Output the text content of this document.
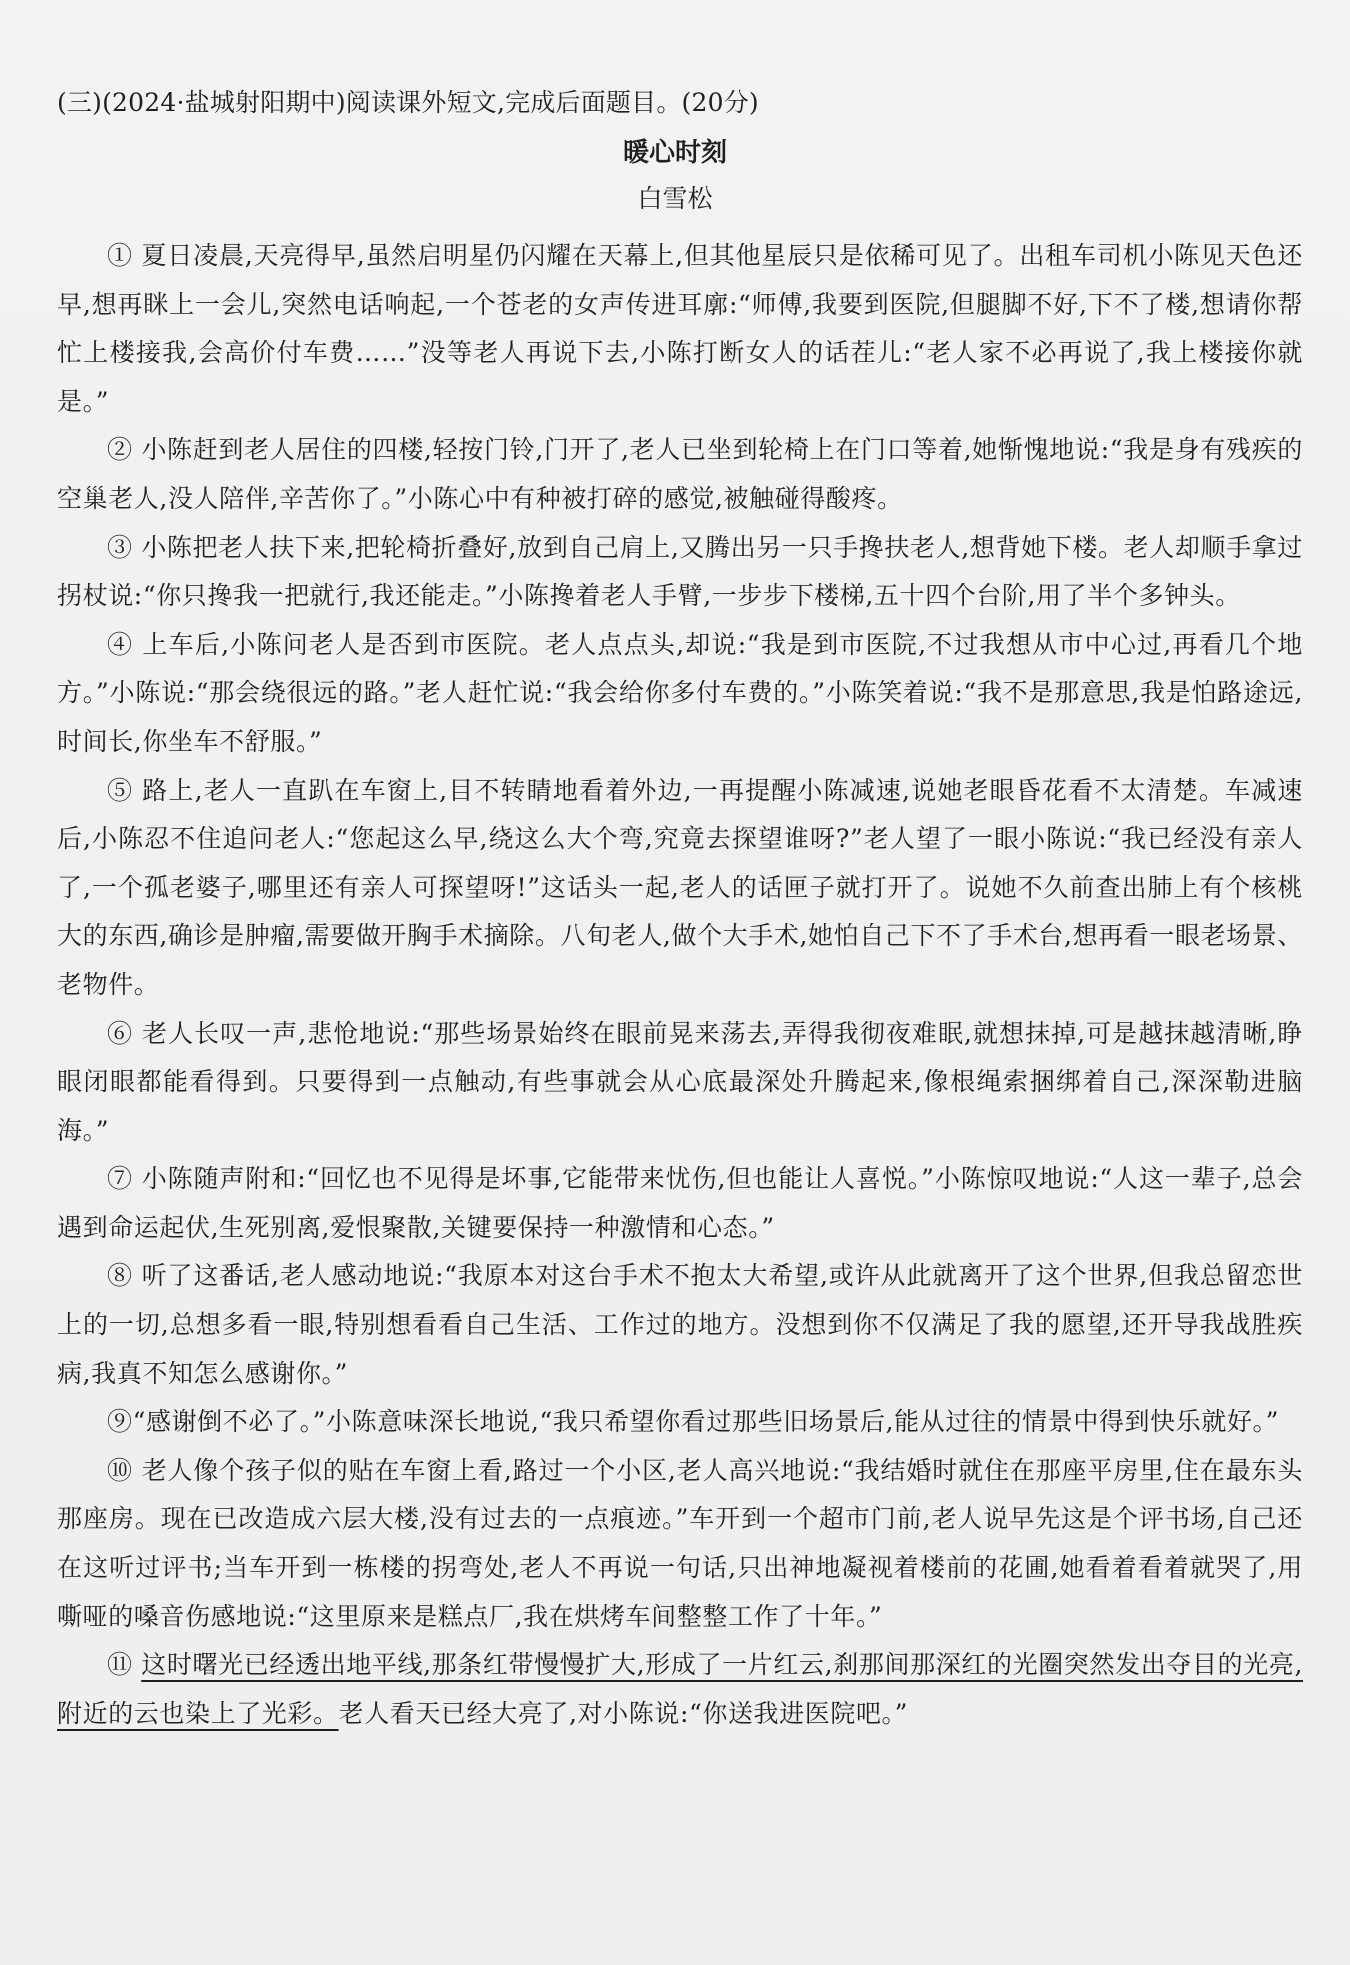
(三)(2024·盐城射阳期中)阅读课外短文,完成后面题目。(20分)
暖心时刻
白雪松

① 夏日凌晨,天亮得早,虽然启明星仍闪耀在天幕上,但其他星辰只是依稀可见了。出租车司机小陈见天色还早,想再眯上一会儿,突然电话响起,一个苍老的女声传进耳廓:“师傅,我要到医院,但腿脚不好,下不了楼,想请你帮忙上楼接我,会高价付车费……”没等老人再说下去,小陈打断女人的话茬儿:“老人家不必再说了,我上楼接你就是。”

② 小陈赶到老人居住的四楼,轻按门铃,门开了,老人已坐到轮椅上在门口等着,她惭愧地说:“我是身有残疾的空巢老人,没人陪伴,辛苦你了。”小陈心中有种被打碎的感觉,被触碰得酸疼。

③ 小陈把老人扶下来,把轮椅折叠好,放到自己肩上,又腾出另一只手搀扶老人,想背她下楼。老人却顺手拿过拐杖说:“你只搀我一把就行,我还能走。”小陈搀着老人手臂,一步步下楼梯,五十四个台阶,用了半个多钟头。

④ 上车后,小陈问老人是否到市医院。老人点点头,却说:“我是到市医院,不过我想从市中心过,再看几个地方。”小陈说:“那会绕很远的路。”老人赶忙说:“我会给你多付车费的。”小陈笑着说:“我不是那意思,我是怕路途远,时间长,你坐车不舒服。”

⑤ 路上,老人一直趴在车窗上,目不转睛地看着外边,一再提醒小陈减速,说她老眼昏花看不太清楚。车减速后,小陈忍不住追问老人:“您起这么早,绕这么大个弯,究竟去探望谁呀?”老人望了一眼小陈说:“我已经没有亲人了,一个孤老婆子,哪里还有亲人可探望呀!”这话头一起,老人的话匣子就打开了。说她不久前查出肺上有个核桃大的东西,确诊是肿瘤,需要做开胸手术摘除。八旬老人,做个大手术,她怕自己下不了手术台,想再看一眼老场景、老物件。

⑥ 老人长叹一声,悲怆地说:“那些场景始终在眼前晃来荡去,弄得我彻夜难眠,就想抹掉,可是越抹越清晰,睁眼闭眼都能看得到。只要得到一点触动,有些事就会从心底最深处升腾起来,像根绳索捆绑着自己,深深勒进脑海。”

⑦ 小陈随声附和:“回忆也不见得是坏事,它能带来忧伤,但也能让人喜悦。”小陈惊叹地说:“人这一辈子,总会遇到命运起伏,生死别离,爱恨聚散,关键要保持一种激情和心态。”

⑧ 听了这番话,老人感动地说:“我原本对这台手术不抱太大希望,或许从此就离开了这个世界,但我总留恋世上的一切,总想多看一眼,特别想看看自己生活、工作过的地方。没想到你不仅满足了我的愿望,还开导我战胜疾病,我真不知怎么感谢你。”

⑨“感谢倒不必了。”小陈意味深长地说,“我只希望你看过那些旧场景后,能从过往的情景中得到快乐就好。”

⑩ 老人像个孩子似的贴在车窗上看,路过一个小区,老人高兴地说:“我结婚时就住在那座平房里,住在最东头那座房。现在已改造成六层大楼,没有过去的一点痕迹。”车开到一个超市门前,老人说早先这是个评书场,自己还在这听过评书;当车开到一栋楼的拐弯处,老人不再说一句话,只出神地凝视着楼前的花圃,她看着看着就哭了,用嘶哑的嗓音伤感地说:“这里原来是糕点厂,我在烘烤车间整整工作了十年。”

⑪ 这时曙光已经透出地平线,那条红带慢慢扩大,形成了一片红云,刹那间那深红的光圈突然发出夺目的光亮,附近的云也染上了光彩。老人看天已经大亮了,对小陈说:“你送我进医院吧。”
